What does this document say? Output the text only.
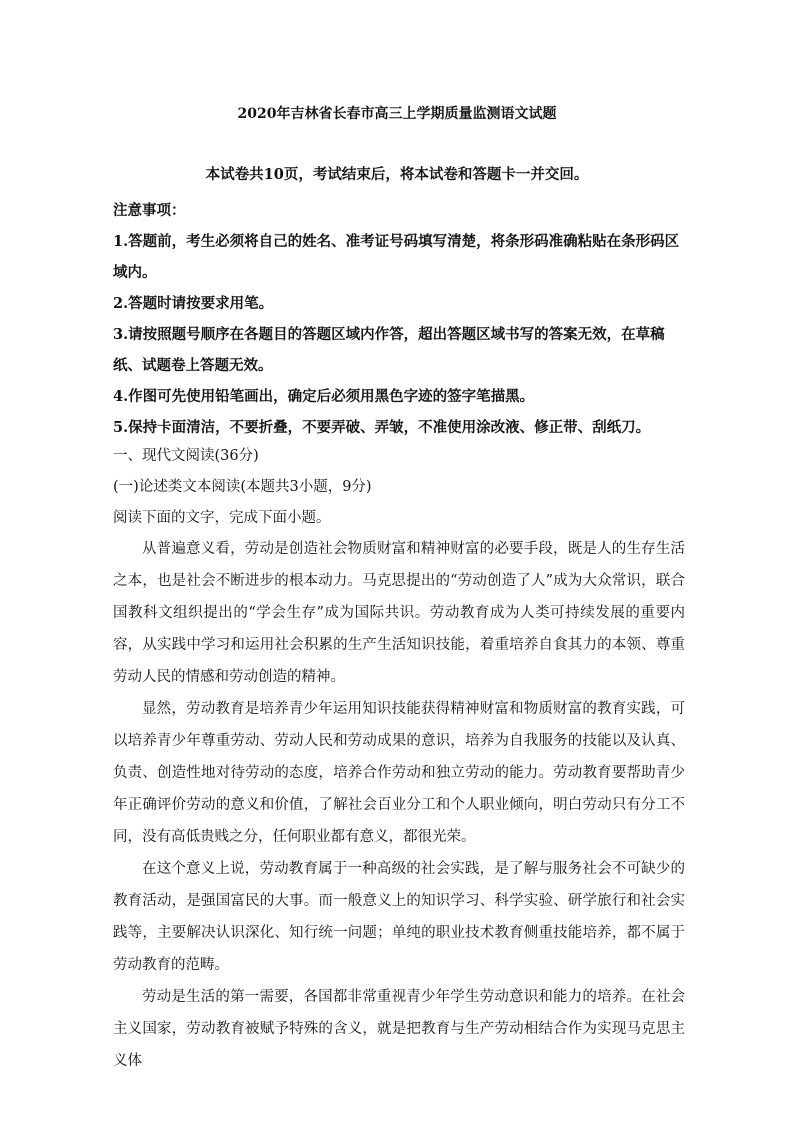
2020年吉林省长春市高三上学期质量监测语文试题
本试卷共10页，考试结束后，将本试卷和答题卡一并交回。
注意事项：

1.答题前，考生必须将自己的姓名、准考证号码填写清楚，将条形码准确粘贴在条形码区域内。

2.答题时请按要求用笔。

3.请按照题号顺序在各题目的答题区域内作答，超出答题区域书写的答案无效，在草稿纸、试题卷上答题无效。

4.作图可先使用铅笔画出，确定后必须用黑色字迹的签字笔描黑。

5.保持卡面清洁，不要折叠，不要弄破、弄皱，不准使用涂改液、修正带、刮纸刀。

一、现代文阅读(36分)

(一)论述类文本阅读(本题共3小题，9分)

阅读下面的文字，完成下面小题。

从普遍意义看，劳动是创造社会物质财富和精神财富的必要手段，既是人的生存生活之本，也是社会不断进步的根本动力。马克思提出的“劳动创造了人”成为大众常识，联合国教科文组织提出的“学会生存”成为国际共识。劳动教育成为人类可持续发展的重要内容，从实践中学习和运用社会积累的生产生活知识技能，着重培养自食其力的本领、尊重劳动人民的情感和劳动创造的精神。

显然，劳动教育是培养青少年运用知识技能获得精神财富和物质财富的教育实践，可以培养青少年尊重劳动、劳动人民和劳动成果的意识，培养为自我服务的技能以及认真、负责、创造性地对待劳动的态度，培养合作劳动和独立劳动的能力。劳动教育要帮助青少年正确评价劳动的意义和价值，了解社会百业分工和个人职业倾向，明白劳动只有分工不同，没有高低贵贱之分，任何职业都有意义，都很光荣。

在这个意义上说，劳动教育属于一种高级的社会实践，是了解与服务社会不可缺少的教育活动，是强国富民的大事。而一般意义上的知识学习、科学实验、研学旅行和社会实践等，主要解决认识深化、知行统一问题；单纯的职业技术教育侧重技能培养，都不属于劳动教育的范畴。

劳动是生活的第一需要，各国都非常重视青少年学生劳动意识和能力的培养。在社会主义国家，劳动教育被赋予特殊的含义，就是把教育与生产劳动相结合作为实现马克思主义体
